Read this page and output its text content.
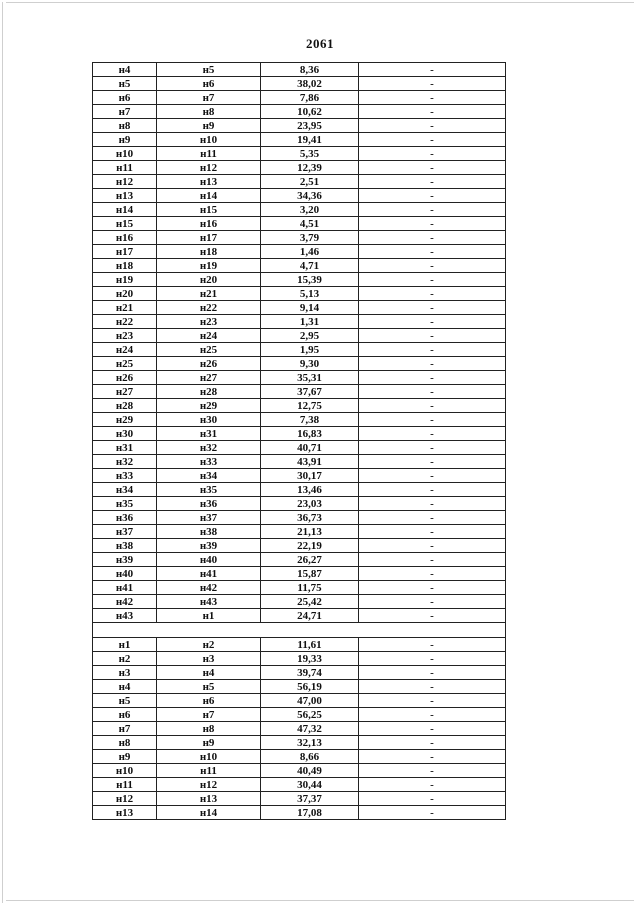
2061
н4	н5	8,36	-
н5	н6	38,02	-
н6	н7	7,86	-
н7	н8	10,62	-
н8	н9	23,95	-
н9	н10	19,41	-
н10	н11	5,35	-
н11	н12	12,39	-
н12	н13	2,51	-
н13	н14	34,36	-
н14	н15	3,20	-
н15	н16	4,51	-
н16	н17	3,79	-
н17	н18	1,46	-
н18	н19	4,71	-
н19	н20	15,39	-
н20	н21	5,13	-
н21	н22	9,14	-
н22	н23	1,31	-
н23	н24	2,95	-
н24	н25	1,95	-
н25	н26	9,30	-
н26	н27	35,31	-
н27	н28	37,67	-
н28	н29	12,75	-
н29	н30	7,38	-
н30	н31	16,83	-
н31	н32	40,71	-
н32	н33	43,91	-
н33	н34	30,17	-
н34	н35	13,46	-
н35	н36	23,03	-
н36	н37	36,73	-
н37	н38	21,13	-
н38	н39	22,19	-
н39	н40	26,27	-
н40	н41	15,87	-
н41	н42	11,75	-
н42	н43	25,42	-
н43	н1	24,71	-

н1	н2	11,61	-
н2	н3	19,33	-
н3	н4	39,74	-
н4	н5	56,19	-
н5	н6	47,00	-
н6	н7	56,25	-
н7	н8	47,32	-
н8	н9	32,13	-
н9	н10	8,66	-
н10	н11	40,49	-
н11	н12	30,44	-
н12	н13	37,37	-
н13	н14	17,08	-
